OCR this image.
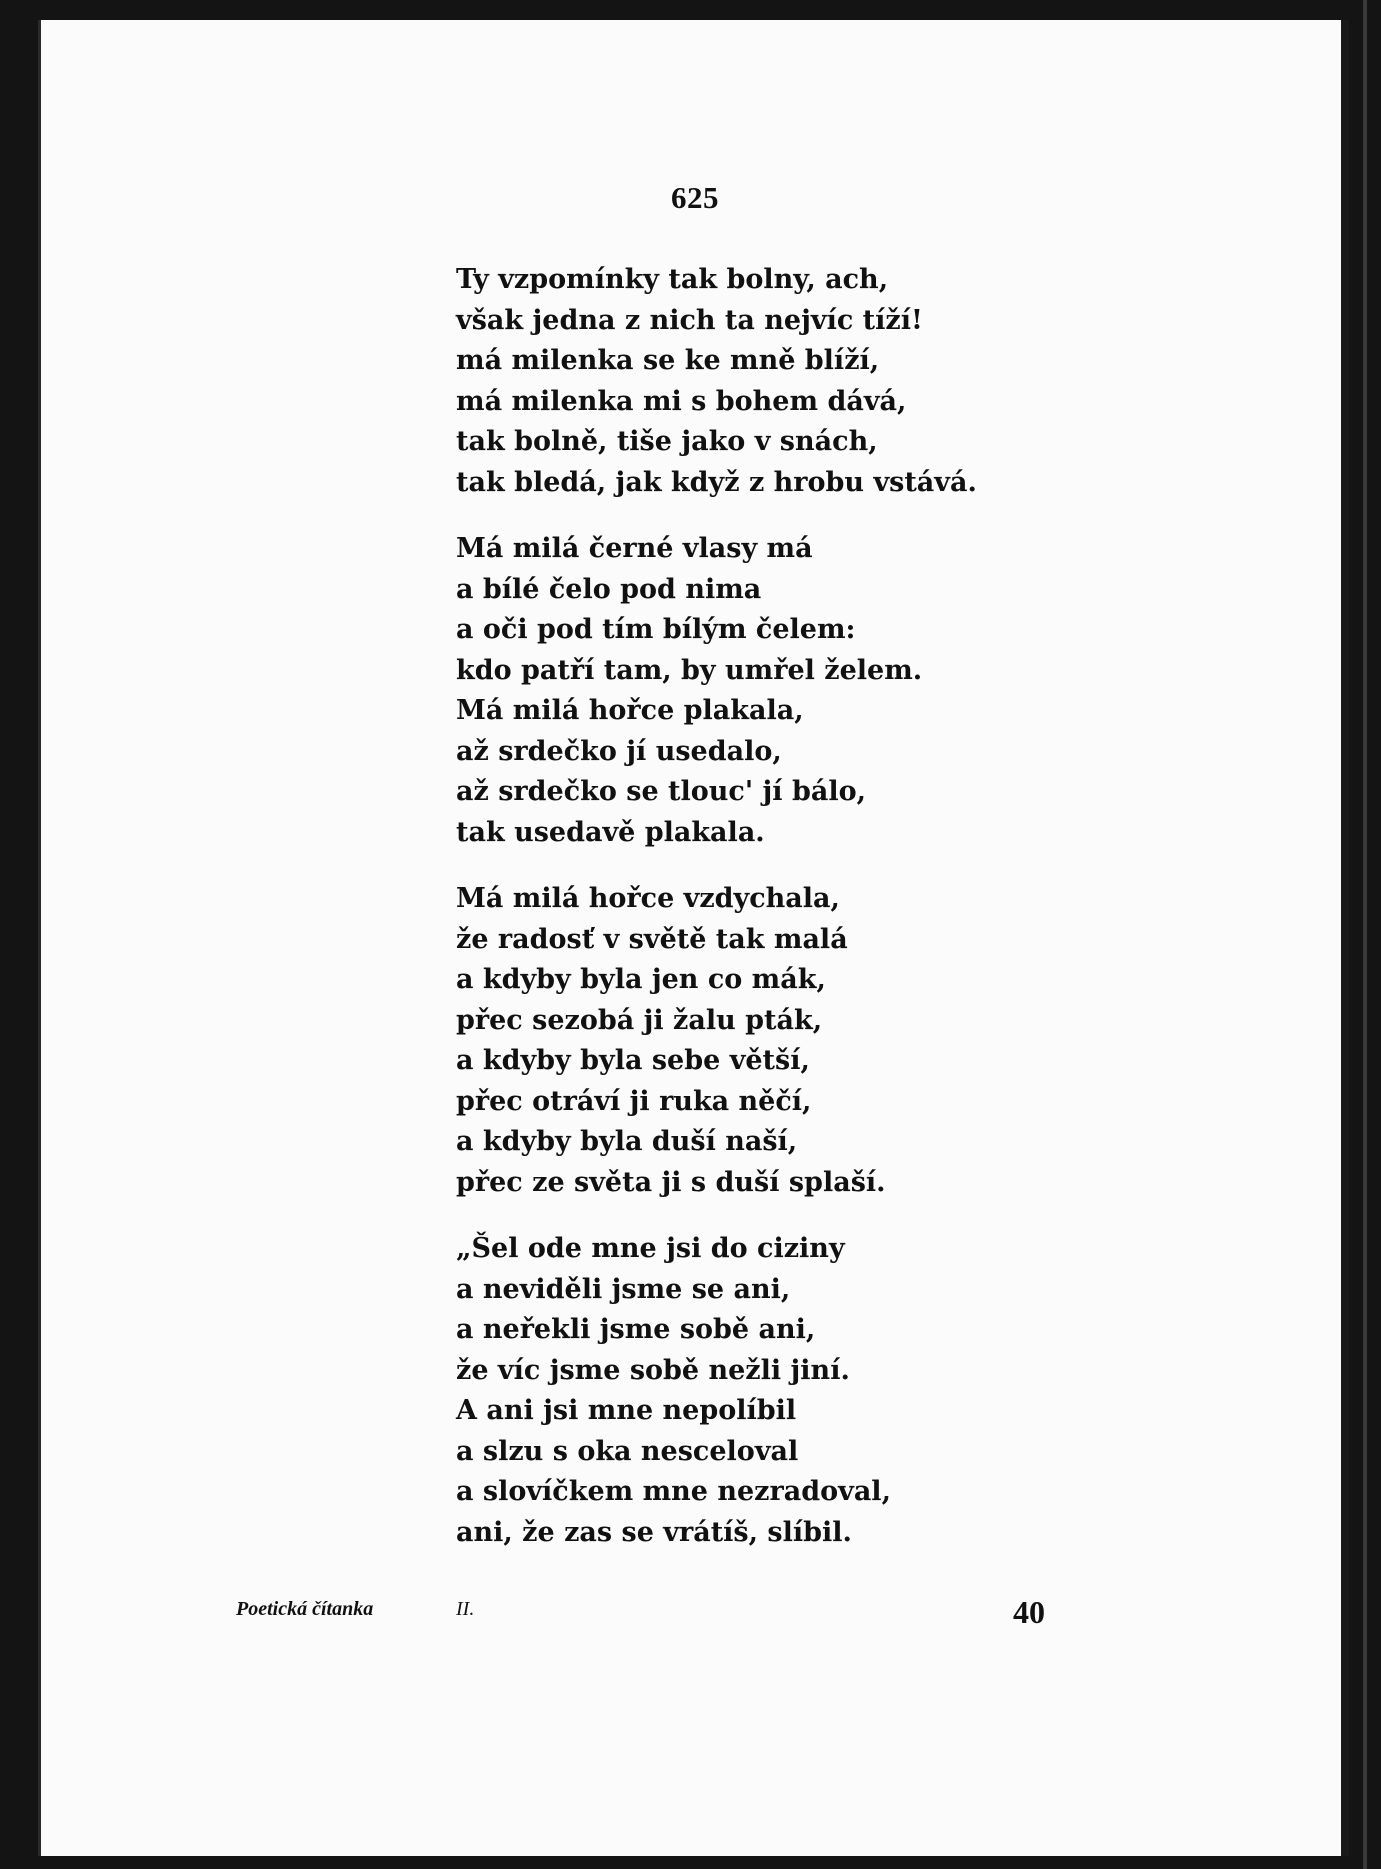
625
Ty vzpomínky tak bolny, ach,
však jedna z nich ta nejvíc tíží!
má milenka se ke mně blíží,
má milenka mi s bohem dává,
tak bolně, tiše jako v snách,
tak bledá, jak když z hrobu vstává.
Má milá černé vlasy má
a bílé čelo pod nima
a oči pod tím bílým čelem:
kdo patří tam, by umřel želem.
Má milá hořce plakala,
až srdečko jí usedalo,
až srdečko se tlouc' jí bálo,
tak usedavě plakala.
Má milá hořce vzdychala,
že radosť v světě tak malá
a kdyby byla jen co mák,
přec sezobá ji žalu pták,
a kdyby byla sebe větší,
přec otráví ji ruka něčí,
a kdyby byla duší naší,
přec ze světa ji s duší splaší.
„Šel ode mne jsi do ciziny
a neviděli jsme se ani,
a neřekli jsme sobě ani,
že víc jsme sobě nežli jiní.
A ani jsi mne nepolíbil
a slzu s oka nesceloval
a slovíčkem mne nezradoval,
ani, že zas se vrátíš, slíbil.
Poetická čítanka	II.	40
